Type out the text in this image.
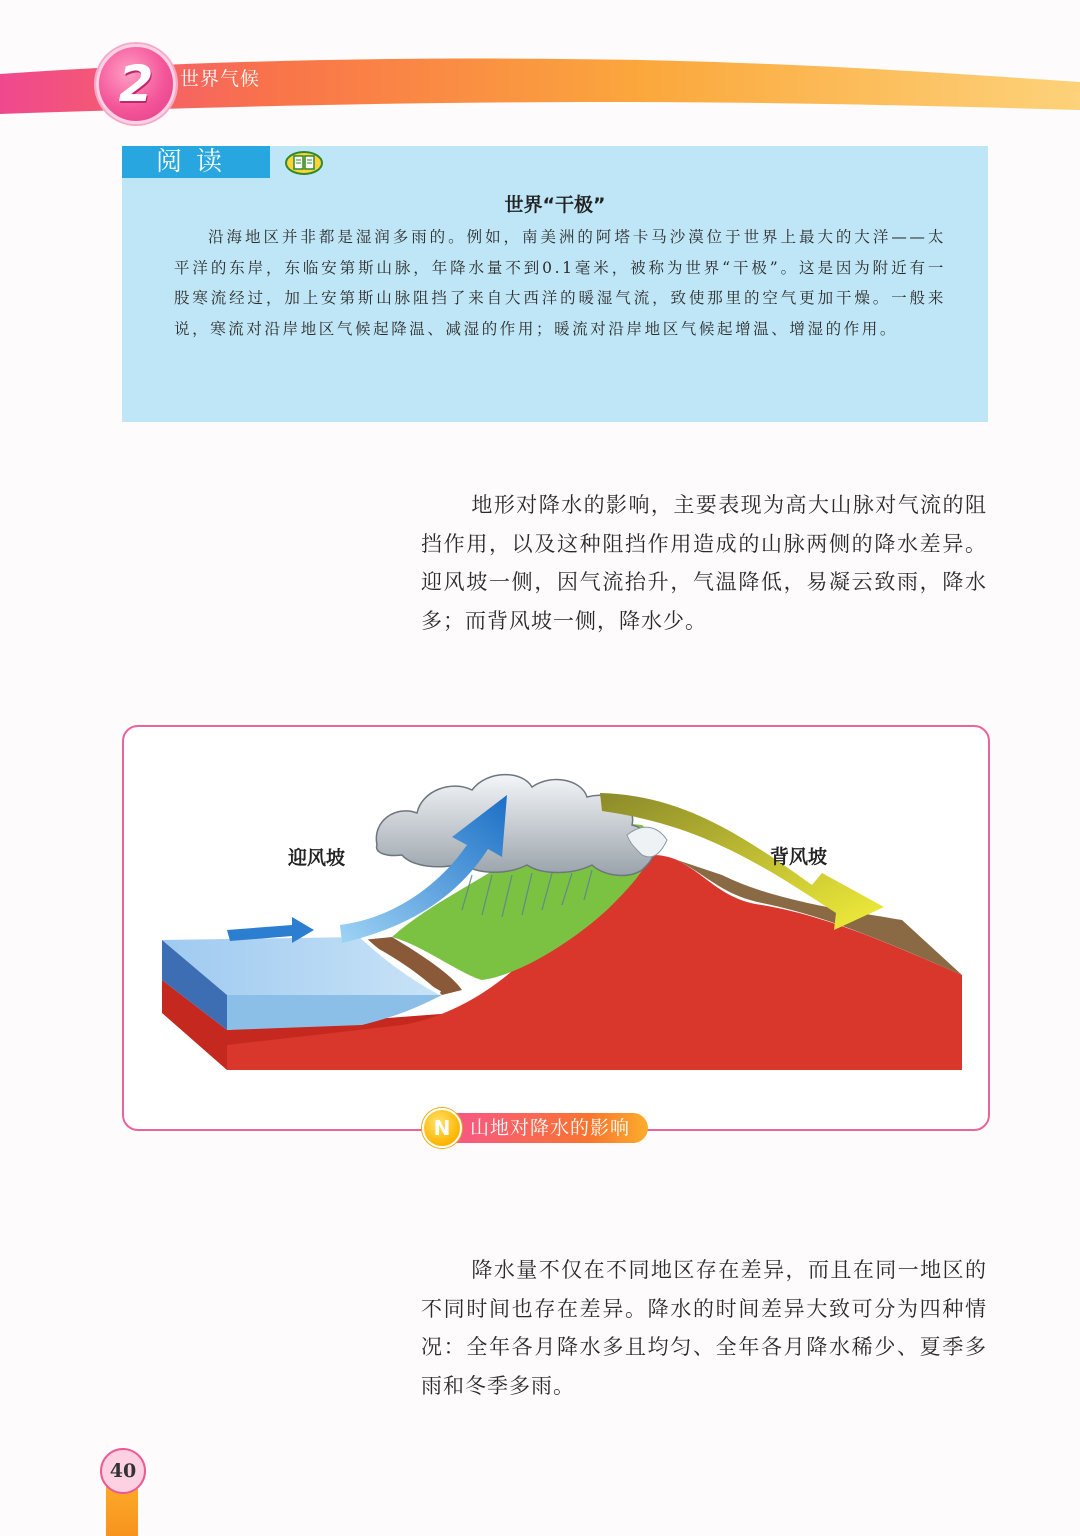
2 世界气候
阅读
世界“干极”
沿海地区并非都是湿润多雨的。例如，南美洲的阿塔卡马沙漠位于世界上最大的大洋——太平洋的东岸，东临安第斯山脉，年降水量不到0.1毫米，被称为世界“干极”。这是因为附近有一股寒流经过，加上安第斯山脉阻挡了来自大西洋的暖湿气流，致使那里的空气更加干燥。一般来说，寒流对沿岸地区气候起降温、减湿的作用；暖流对沿岸地区气候起增温、增湿的作用。
地形对降水的影响，主要表现为高大山脉对气流的阻挡作用，以及这种阻挡作用造成的山脉两侧的降水差异。迎风坡一侧，因气流抬升，气温降低，易凝云致雨，降水多；而背风坡一侧，降水少。
迎风坡	背风坡
N	山地对降水的影响
降水量不仅在不同地区存在差异，而且在同一地区的不同时间也存在差异。降水的时间差异大致可分为四种情况：全年各月降水多且均匀、全年各月降水稀少、夏季多雨和冬季多雨。
40
